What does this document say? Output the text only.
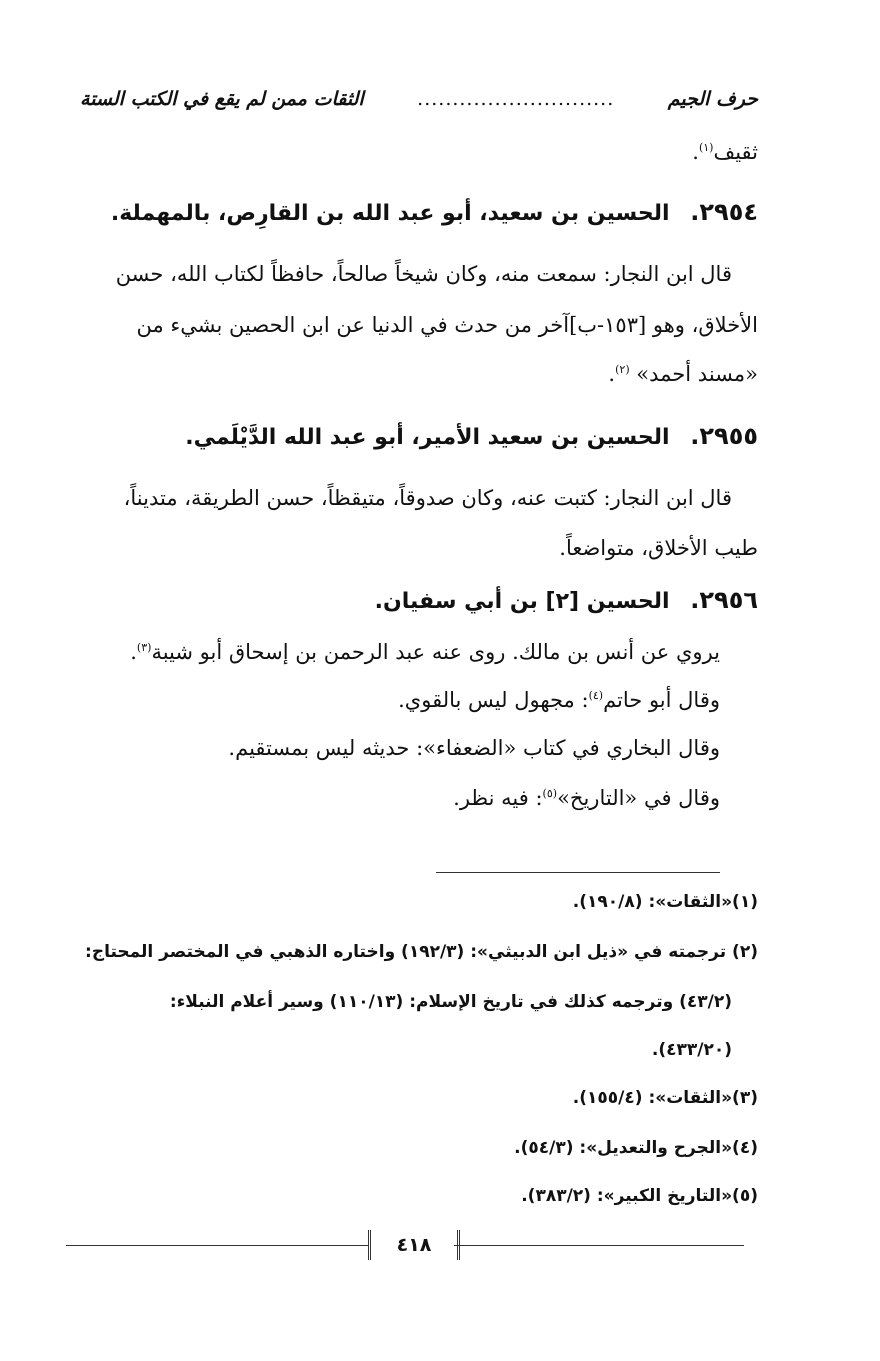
حرف الجيم
............................
الثقات ممن لم يقع في الكتب الستة
ثقيف$^{(١)}$.
٢٩٥٤. الحسين بن سعيد، أبو عبد الله بن القارِص، بالمهملة.
قال ابن النجار: سمعت منه، وكان شيخاً صالحاً، حافظاً لكتاب الله، حسن
الأخلاق، وهو [١٥٣-ب]آخر من حدث في الدنيا عن ابن الحصين بشيء من
«مسند أحمد» $^{(٢)}$.
٢٩٥٥. الحسين بن سعيد الأمير، أبو عبد الله الدَّيْلَمي.
قال ابن النجار: كتبت عنه، وكان صدوقاً، متيقظاً، حسن الطريقة، متديناً،
طيب الأخلاق، متواضعاً.
٢٩٥٦. الحسين [٢] بن أبي سفيان.
يروي عن أنس بن مالك. روى عنه عبد الرحمن بن إسحاق أبو شيبة$^{(٣)}$.
وقال أبو حاتم$^{(٤)}$: مجهول ليس بالقوي.
وقال البخاري في كتاب «الضعفاء»: حديثه ليس بمستقيم.
وقال في «التاريخ»$^{(٥)}$: فيه نظر.
(١)«الثقات»: (١٩٠/٨).
(٢) ترجمته في «ذيل ابن الدبيثي»: (١٩٢/٣) واختاره الذهبي في المختصر المحتاج:
(٤٣/٢) وترجمه كذلك في تاريخ الإسلام: (١١٠/١٣) وسير أعلام النبلاء:
(٤٣٣/٢٠).
(٣)«الثقات»: (١٥٥/٤).
(٤)«الجرح والتعديل»: (٥٤/٣).
(٥)«التاريخ الكبير»: (٣٨٣/٢).
٤١٨
